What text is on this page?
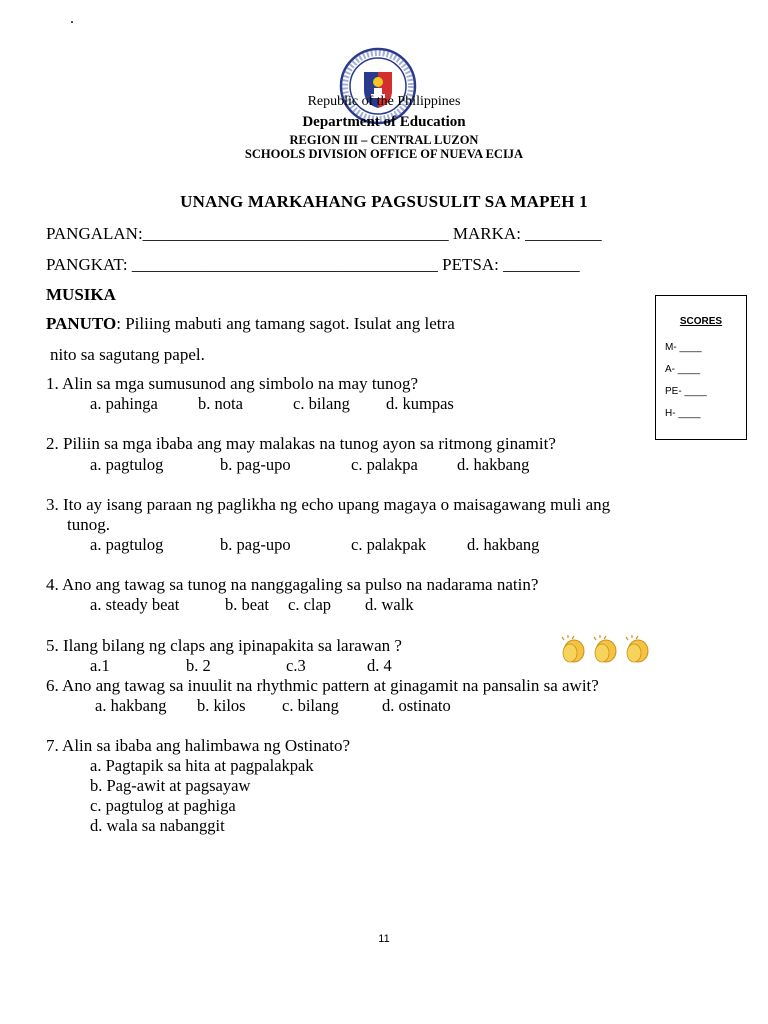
.
Republic of the Philippines
Department of Education
REGION III – CENTRAL LUZON
SCHOOLS DIVISION OFFICE OF NUEVA ECIJA
UNANG MARKAHANG PAGSUSULIT SA MAPEH 1
PANGALAN:____________________________________ MARKA: _________
PANGKAT: ____________________________________ PETSA: _________
MUSIKA
PANUTO: Piliing mabuti ang tamang sagot. Isulat ang letra
nito sa sagutang papel.
SCORES
M- ____
A- ____
PE- ____
H- ____
1. Alin sa mga sumusunod ang simbolo na may tunog?
a. pahinga b. nota	c. bilang d. kumpas
2. Piliin sa mga ibaba ang may malakas na tunog ayon sa ritmong ginamit?
a. pagtulog	b. pag-upo	c. palakpa d. hakbang
3. Ito ay isang paraan ng paglikha ng echo upang magaya o maisagawang muli ang
tunog.
a. pagtulog	b. pag-upo	c. palakpak d. hakbang
4. Ano ang tawag sa tunog na nanggagaling sa pulso na nadarama natin?
a. steady beat	b. beat c. clap d. walk
5. Ilang bilang ng claps ang ipinapakita sa larawan ?
a.1	b. 2	c.3	d. 4
6. Ano ang tawag sa inuulit na rhythmic pattern at ginagamit na pansalin sa awit?
a. hakbang b. kilos c. bilang	d. ostinato
7. Alin sa ibaba ang halimbawa ng Ostinato?
a. Pagtapik sa hita at pagpalakpak
b. Pag-awit at pagsayaw
c. pagtulog at paghiga
d. wala sa nabanggit
11
